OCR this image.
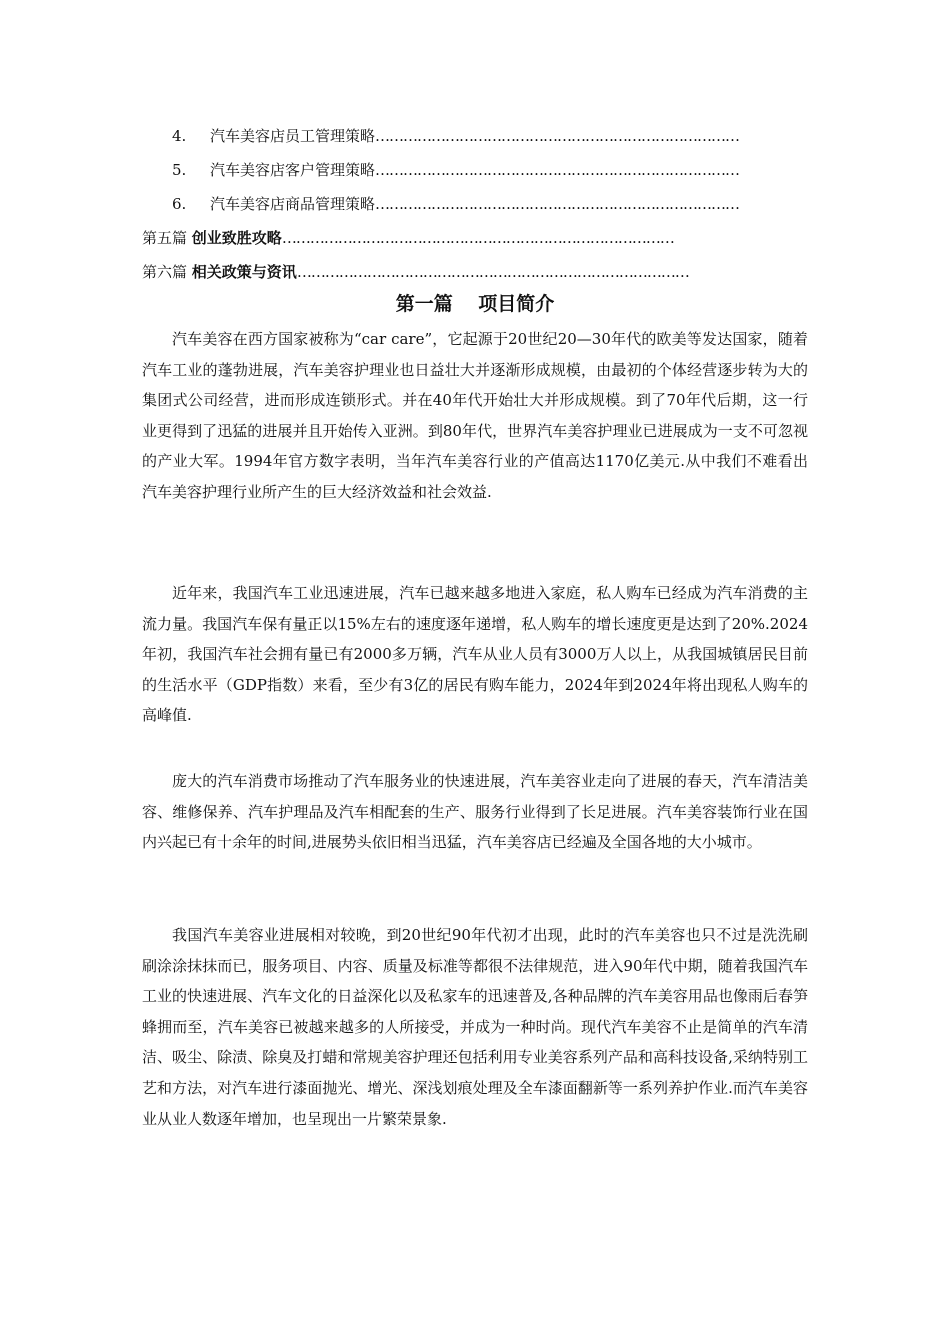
4. 汽车美容店员工管理策略……………………………………………………………………
5. 汽车美容店客户管理策略……………………………………………………………………
6. 汽车美容店商品管理策略……………………………………………………………………
第五篇 创业致胜攻略…………………………………………………………………………
第六篇 相关政策与资讯…………………………………………………………………………
第一篇　 项目简介

汽车美容在西方国家被称为“car care”，它起源于20世纪20—30年代的欧美等发达国家，随着汽车工业的蓬勃进展，汽车美容护理业也日益壮大并逐渐形成规模，由最初的个体经营逐步转为大的集团式公司经营，进而形成连锁形式。并在40年代开始壮大并形成规模。到了70年代后期，这一行业更得到了迅猛的进展并且开始传入亚洲。到80年代，世界汽车美容护理业已进展成为一支不可忽视的产业大军。1994年官方数字表明，当年汽车美容行业的产值高达1170亿美元.从中我们不难看出汽车美容护理行业所产生的巨大经济效益和社会效益.

近年来，我国汽车工业迅速进展，汽车已越来越多地进入家庭，私人购车已经成为汽车消费的主流力量。我国汽车保有量正以15%左右的速度逐年递增，私人购车的增长速度更是达到了20%.2024年初，我国汽车社会拥有量已有2000多万辆，汽车从业人员有3000万人以上，从我国城镇居民目前的生活水平（GDP指数）来看，至少有3亿的居民有购车能力，2024年到2024年将出现私人购车的高峰值.

庞大的汽车消费市场推动了汽车服务业的快速进展，汽车美容业走向了进展的春天，汽车清洁美容、维修保养、汽车护理品及汽车相配套的生产、服务行业得到了长足进展。汽车美容装饰行业在国内兴起已有十余年的时间,进展势头依旧相当迅猛，汽车美容店已经遍及全国各地的大小城市。

我国汽车美容业进展相对较晚，到20世纪90年代初才出现，此时的汽车美容也只不过是洗洗刷刷涂涂抹抹而已，服务项目、内容、质量及标准等都很不法律规范，进入90年代中期，随着我国汽车工业的快速进展、汽车文化的日益深化以及私家车的迅速普及,各种品牌的汽车美容用品也像雨后春笋蜂拥而至，汽车美容已被越来越多的人所接受，并成为一种时尚。现代汽车美容不止是简单的汽车清洁、吸尘、除渍、除臭及打蜡和常规美容护理还包括利用专业美容系列产品和高科技设备,采纳特别工艺和方法，对汽车进行漆面抛光、增光、深浅划痕处理及全车漆面翻新等一系列养护作业.而汽车美容业从业人数逐年增加，也呈现出一片繁荣景象.
